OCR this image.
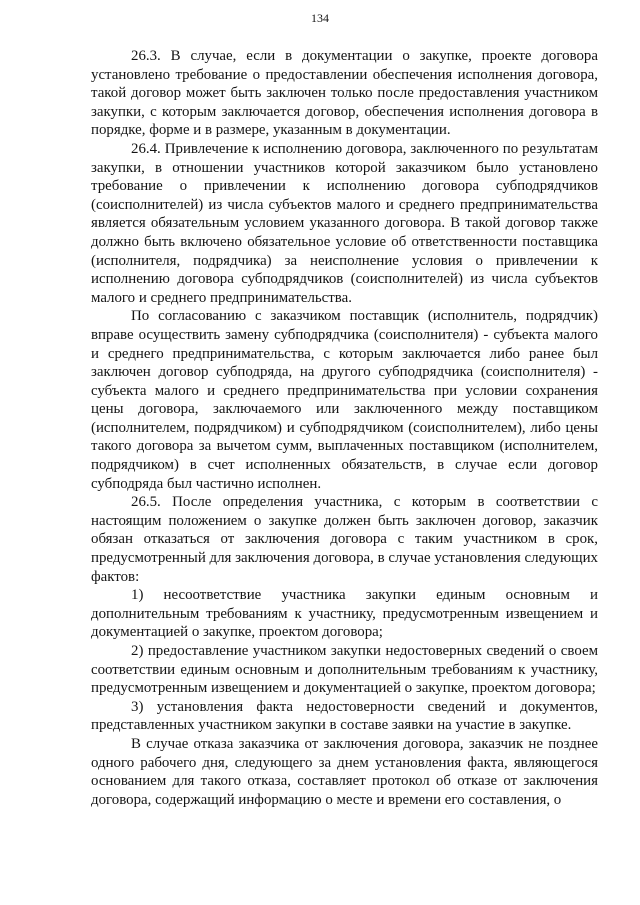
134

26.3. В случае, если в документации о закупке, проекте договора установлено требование о предоставлении обеспечения исполнения договора, такой договор может быть заключен только после предоставления участником закупки, с которым заключается договор, обеспечения исполнения договора в порядке, форме и в размере, указанным в документации.

26.4. Привлечение к исполнению договора, заключенного по результатам закупки, в отношении участников которой заказчиком было установлено требование о привлечении к исполнению договора субподрядчиков (соисполнителей) из числа субъектов малого и среднего предпринимательства является обязательным условием указанного договора. В такой договор также должно быть включено обязательное условие об ответственности поставщика (исполнителя, подрядчика) за неисполнение условия о привлечении к исполнению договора субподрядчиков (соисполнителей) из числа субъектов малого и среднего предпринимательства.

По согласованию с заказчиком поставщик (исполнитель, подрядчик) вправе осуществить замену субподрядчика (соисполнителя) - субъекта малого и среднего предпринимательства, с которым заключается либо ранее был заключен договор субподряда, на другого субподрядчика (соисполнителя) - субъекта малого и среднего предпринимательства при условии сохранения цены договора, заключаемого или заключенного между поставщиком (исполнителем, подрядчиком) и субподрядчиком (соисполнителем), либо цены такого договора за вычетом сумм, выплаченных поставщиком (исполнителем, подрядчиком) в счет исполненных обязательств, в случае если договор субподряда был частично исполнен.

26.5. После определения участника, с которым в соответствии с настоящим положением о закупке должен быть заключен договор, заказчик обязан отказаться от заключения договора с таким участником в срок, предусмотренный для заключения договора, в случае установления следующих фактов:

1) несоответствие участника закупки единым основным и дополнительным требованиям к участнику, предусмотренным извещением и документацией о закупке, проектом договора;

2) предоставление участником закупки недостоверных сведений о своем соответствии единым основным и дополнительным требованиям к участнику, предусмотренным извещением и документацией о закупке, проектом договора;

3) установления факта недостоверности сведений и документов, представленных участником закупки в составе заявки на участие в закупке.

В случае отказа заказчика от заключения договора, заказчик не позднее одного рабочего дня, следующего за днем установления факта, являющегося основанием для такого отказа, составляет протокол об отказе от заключения договора, содержащий информацию о месте и времени его составления, о
